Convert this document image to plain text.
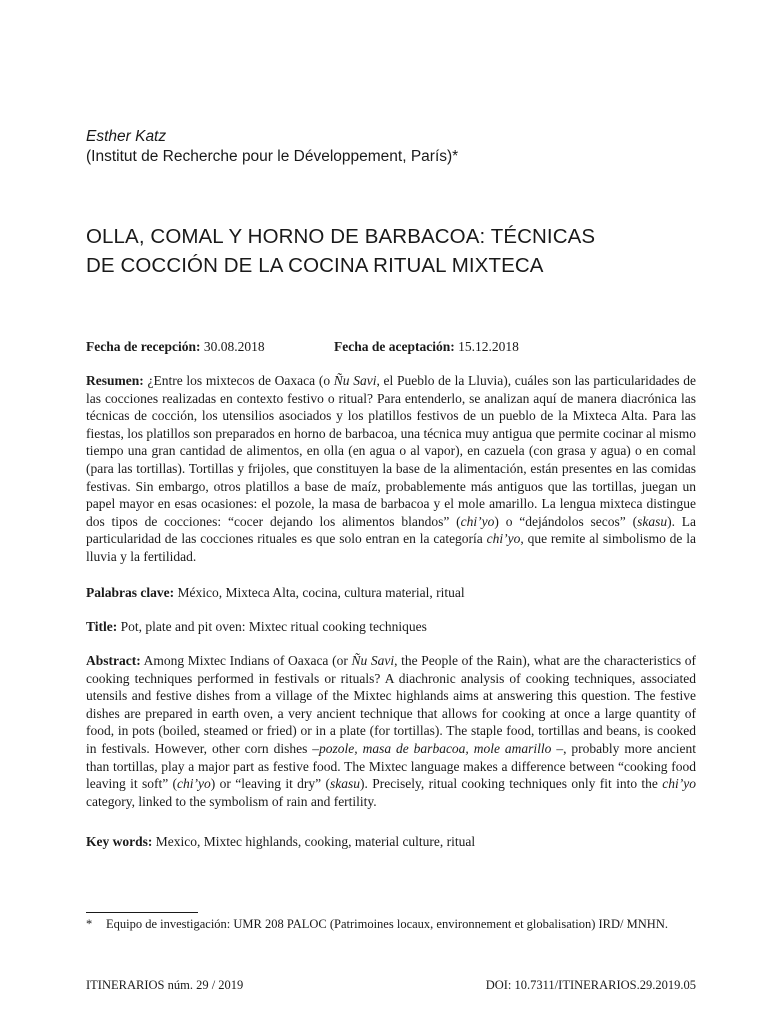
Esther Katz
(Institut de Recherche pour le Développement, París)*
OLLA, COMAL Y HORNO DE BARBACOA: TÉCNICAS
DE COCCIÓN DE LA COCINA RITUAL MIXTECA
Fecha de recepción: 30.08.2018	Fecha de aceptación: 15.12.2018
Resumen: ¿Entre los mixtecos de Oaxaca (o Ñu Savi, el Pueblo de la Lluvia), cuáles son las particularidades de las cocciones realizadas en contexto festivo o ritual? Para entenderlo, se analizan aquí de manera diacrónica las técnicas de cocción, los utensilios asociados y los platillos festivos de un pueblo de la Mixteca Alta. Para las fiestas, los platillos son preparados en horno de barbacoa, una técnica muy antigua que permite cocinar al mismo tiempo una gran cantidad de alimentos, en olla (en agua o al vapor), en cazuela (con grasa y agua) o en comal (para las tortillas). Tortillas y frijoles, que constituyen la base de la alimentación, están presentes en las comidas festivas. Sin embargo, otros platillos a base de maíz, probablemente más antiguos que las tortillas, juegan un papel mayor en esas ocasiones: el pozole, la masa de barbacoa y el mole amarillo. La lengua mixteca distingue dos tipos de cocciones: “cocer dejando los alimentos blandos” (chi’yo) o “dejándolos secos” (skasu). La particularidad de las cocciones rituales es que solo entran en la categoría chi’yo, que remite al simbolismo de la lluvia y la fertilidad.
Palabras clave: México, Mixteca Alta, cocina, cultura material, ritual
Title: Pot, plate and pit oven: Mixtec ritual cooking techniques
Abstract: Among Mixtec Indians of Oaxaca (or Ñu Savi, the People of the Rain), what are the characteristics of cooking techniques performed in festivals or rituals? A diachronic analysis of cooking techniques, associated utensils and festive dishes from a village of the Mixtec highlands aims at answering this question. The festive dishes are prepared in earth oven, a very ancient technique that allows for cooking at once a large quantity of food, in pots (boiled, steamed or fried) or in a plate (for tortillas). The staple food, tortillas and beans, is cooked in festivals. However, other corn dishes –pozole, masa de barbacoa, mole amarillo –, probably more ancient than tortillas, play a major part as festive food. The Mixtec language makes a difference between “cooking food leaving it soft” (chi’yo) or “leaving it dry” (skasu). Precisely, ritual cooking techniques only fit into the chi’yo category, linked to the symbolism of rain and fertility.
Key words: Mexico, Mixtec highlands, cooking, material culture, ritual
* Equipo de investigación: UMR 208 PALOC (Patrimoines locaux, environnement et globalisation) IRD/ MNHN.
ITINERARIOS núm. 29 / 2019	DOI: 10.7311/ITINERARIOS.29.2019.05
